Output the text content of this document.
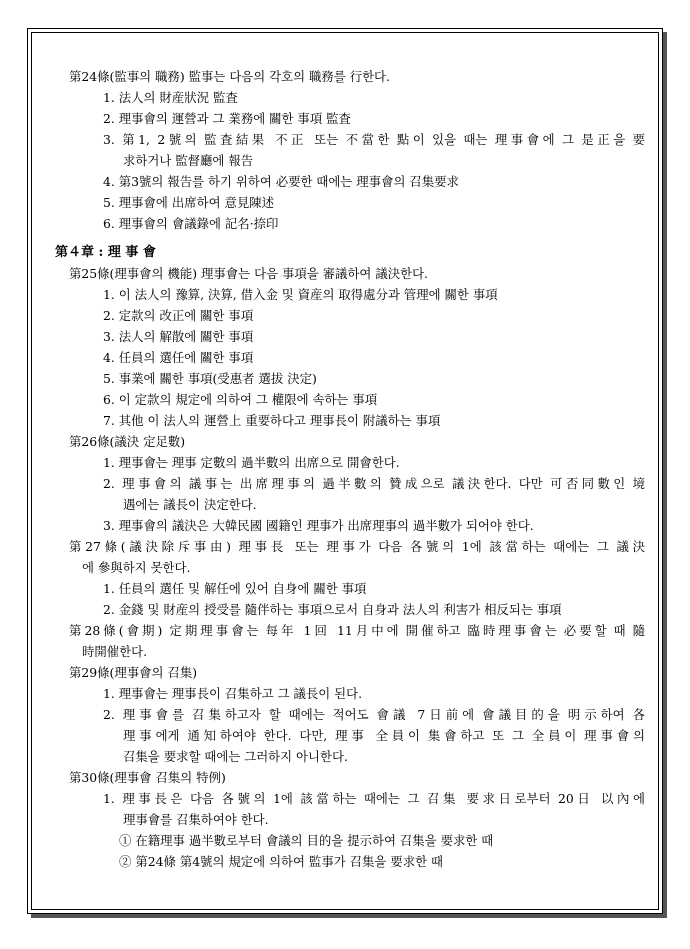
第24條(監事의 職務) 監事는 다음의 각호의 職務를 行한다.
1. 法人의 財産狀況 監査
2. 理事會의 運營과 그 業務에 關한 事項 監査
3. 第1, 2號의 監査結果 不正 또는 不當한 點이 있을 때는 理事會에 그 是正을 要
求하거나 監督廳에 報告
4. 第3號의 報告를 하기 위하여 必要한 때에는 理事會의 召集要求
5. 理事會에 出席하여 意見陳述
6. 理事會의 會議錄에 記名·捺印
第４章 : 理 事 會
第25條(理事會의 機能) 理事會는 다음 事項을 審議하여 議決한다.
1. 이 法人의 豫算, 決算, 借入金 및 資産의 取得處分과 管理에 關한 事項
2. 定款의 改正에 關한 事項
3. 法人의 解散에 關한 事項
4. 任員의 選任에 關한 事項
5. 事業에 關한 事項(受惠者 選拔 決定)
6. 이 定款의 規定에 의하여 그 權限에 속하는 事項
7. 其他 이 法人의 運營上 重要하다고 理事長이 附議하는 事項
第26條(議決 定足數)
1. 理事會는 理事 定數의 過半數의 出席으로 開會한다.
2. 理事會의 議事는 出席理事의 過半數의 贊成으로 議決한다. 다만 可否同數인 境
遇에는 議長이 決定한다.
3. 理事會의 議決은 大韓民國 國籍인 理事가 出席理事의 過半數가 되어야 한다.
第27條(議決除斥事由) 理事長 또는 理事가 다음 各號의 1에 該當하는 때에는 그 議決
에 參與하지 못한다.
1. 任員의 選任 및 解任에 있어 自身에 關한 事項
2. 金錢 및 財産의 授受를 隨伴하는 事項으로서 自身과 法人의 利害가 相反되는 事項
第28條(會期) 定期理事會는 每年 1回 11月中에 開催하고 臨時理事會는 必要할 때 隨
時開催한다.
第29條(理事會의 召集)
1. 理事會는 理事長이 召集하고 그 議長이 된다.
2. 理事會를 召集하고자 할 때에는 적어도 會議 7日前에 會議目的을 明示하여 各
理事에게 通知하여야 한다. 다만, 理事 全員이 集會하고 또 그 全員이 理事會의
召集을 要求할 때에는 그러하지 아니한다.
第30條(理事會 召集의 特例)
1. 理事長은 다음 各號의 1에 該當하는 때에는 그 召集 要求日로부터 20日 以內에
理事會를 召集하여야 한다.
① 在籍理事 過半數로부터 會議의 目的을 提示하여 召集을 要求한 때
② 第24條 第4號의 規定에 의하여 監事가 召集을 要求한 때
